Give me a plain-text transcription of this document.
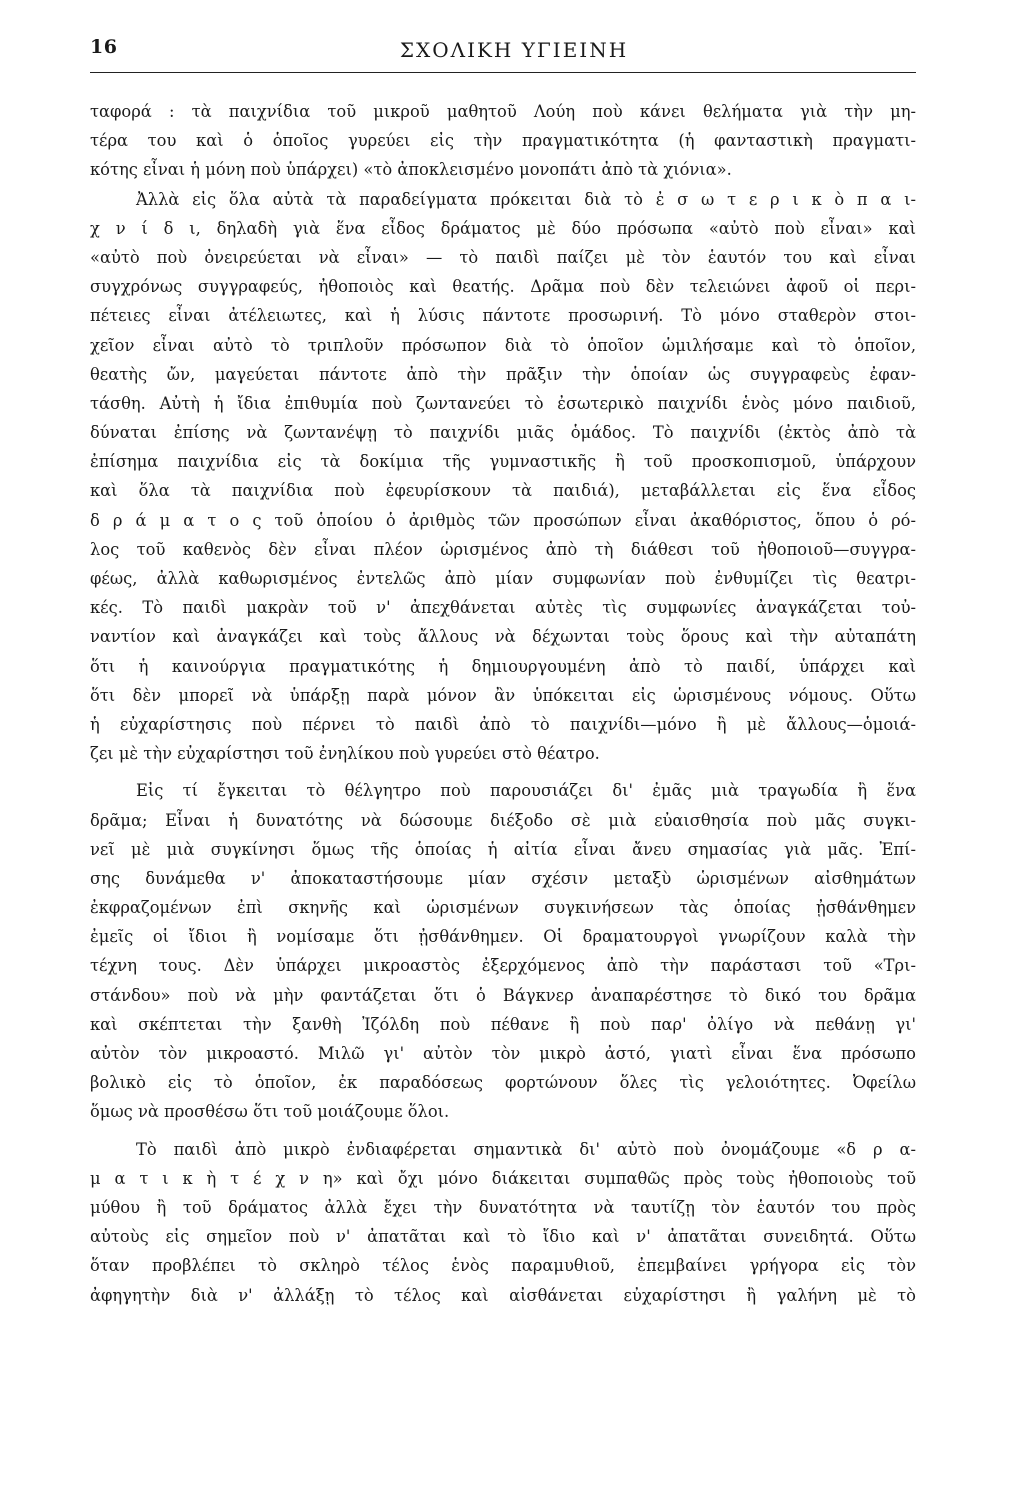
16	ΣΧΟΛΙΚΗ ΥΓΙΕΙΝΗ
ταφορά : τὰ παιχνίδια τοῦ μικροῦ μαθητοῦ Λούη ποὺ κάνει θελήματα γιὰ τὴν μη-
τέρα του καὶ ὁ ὁποῖος γυρεύει εἰς τὴν πραγματικότητα (ἡ φανταστικὴ πραγματι-
κότης εἶναι ἡ μόνη ποὺ ὑπάρχει) «τὸ ἀποκλεισμένο μονοπάτι ἀπὸ τὰ χιόνια».
Ἀλλὰ εἰς ὅλα αὐτὰ τὰ παραδείγματα πρόκειται διὰ τὸ ἐ σ ω τ ε ρ ι κ ὸ π α ι-
χ ν ί δ ι, δηλαδὴ γιὰ ἕνα εἶδος δράματος μὲ δύο πρόσωπα «αὐτὸ ποὺ εἶναι» καὶ
«αὐτὸ ποὺ ὀνειρεύεται νὰ εἶναι» — τὸ παιδὶ παίζει μὲ τὸν ἑαυτόν του καὶ εἶναι
συγχρόνως συγγραφεύς, ἠθοποιὸς καὶ θεατής. Δρᾶμα ποὺ δὲν τελειώνει ἀφοῦ οἱ περι-
πέτειες εἶναι ἀτέλειωτες, καὶ ἡ λύσις πάντοτε προσωρινή. Τὸ μόνο σταθερὸν στοι-
χεῖον εἶναι αὐτὸ τὸ τριπλοῦν πρόσωπον διὰ τὸ ὁποῖον ὡμιλήσαμε καὶ τὸ ὁποῖον,
θεατὴς ὤν, μαγεύεται πάντοτε ἀπὸ τὴν πρᾶξιν τὴν ὁποίαν ὡς συγγραφεὺς ἐφαν-
τάσθη. Αὐτὴ ἡ ἴδια ἐπιθυμία ποὺ ζωντανεύει τὸ ἐσωτερικὸ παιχνίδι ἑνὸς μόνο παιδιοῦ,
δύναται ἐπίσης νὰ ζωντανέψῃ τὸ παιχνίδι μιᾶς ὁμάδος. Τὸ παιχνίδι (ἐκτὸς ἀπὸ τὰ
ἐπίσημα παιχνίδια εἰς τὰ δοκίμια τῆς γυμναστικῆς ἢ τοῦ προσκοπισμοῦ, ὑπάρχουν
καὶ ὅλα τὰ παιχνίδια ποὺ ἐφευρίσκουν τὰ παιδιά), μεταβάλλεται εἰς ἕνα εἶδος
δ ρ ά μ α τ ο ς τοῦ ὁποίου ὁ ἀριθμὸς τῶν προσώπων εἶναι ἀκαθόριστος, ὅπου ὁ ρό-
λος τοῦ καθενὸς δὲν εἶναι πλέον ὡρισμένος ἀπὸ τὴ διάθεσι τοῦ ἠθοποιοῦ—συγγρα-
φέως, ἀλλὰ καθωρισμένος ἐντελῶς ἀπὸ μίαν συμφωνίαν ποὺ ἐνθυμίζει τὶς θεατρι-
κές. Τὸ παιδὶ μακρὰν τοῦ ν' ἀπεχθάνεται αὐτὲς τὶς συμφωνίες ἀναγκάζεται τοὐ-
ναντίον καὶ ἀναγκάζει καὶ τοὺς ἄλλους νὰ δέχωνται τοὺς ὅρους καὶ τὴν αὐταπάτη
ὅτι ἡ καινούργια πραγματικότης ἡ δημιουργουμένη ἀπὸ τὸ παιδί, ὑπάρχει καὶ
ὅτι δὲν μπορεῖ νὰ ὑπάρξῃ παρὰ μόνον ἂν ὑπόκειται εἰς ὡρισμένους νόμους. Οὕτω
ἡ εὐχαρίστησις ποὺ πέρνει τὸ παιδὶ ἀπὸ τὸ παιχνίδι—μόνο ἢ μὲ ἄλλους—ὁμοιά-
ζει μὲ τὴν εὐχαρίστησι τοῦ ἐνηλίκου ποὺ γυρεύει στὸ θέατρο.
Εἰς τί ἔγκειται τὸ θέλγητρο ποὺ παρουσιάζει δι' ἐμᾶς μιὰ τραγωδία ἢ ἕνα
δρᾶμα; Εἶναι ἡ δυνατότης νὰ δώσουμε διέξοδο σὲ μιὰ εὐαισθησία ποὺ μᾶς συγκι-
νεῖ μὲ μιὰ συγκίνησι ὅμως τῆς ὁποίας ἡ αἰτία εἶναι ἄνευ σημασίας γιὰ μᾶς. Ἐπί-
σης δυνάμεθα ν' ἀποκαταστήσουμε μίαν σχέσιν μεταξὺ ὡρισμένων αἰσθημάτων
ἐκφραζομένων ἐπὶ σκηνῆς καὶ ὡρισμένων συγκινήσεων τὰς ὁποίας ᾐσθάνθημεν
ἐμεῖς οἱ ἴδιοι ἢ νομίσαμε ὅτι ᾐσθάνθημεν. Οἱ δραματουργοὶ γνωρίζουν καλὰ τὴν
τέχνη τους. Δὲν ὑπάρχει μικροαστὸς ἐξερχόμενος ἀπὸ τὴν παράστασι τοῦ «Τρι-
στάνδου» ποὺ νὰ μὴν φαντάζεται ὅτι ὁ Βάγκνερ ἀναπαρέστησε τὸ δικό του δρᾶμα
καὶ σκέπτεται τὴν ξανθὴ Ἰζόλδη ποὺ πέθανε ἢ ποὺ παρ' ὀλίγο νὰ πεθάνῃ γι'
αὐτὸν τὸν μικροαστό. Μιλῶ γι' αὐτὸν τὸν μικρὸ ἀστό, γιατὶ εἶναι ἕνα πρόσωπο
βολικὸ εἰς τὸ ὁποῖον, ἐκ παραδόσεως φορτώνουν ὅλες τὶς γελοιότητες. Ὀφείλω
ὅμως νὰ προσθέσω ὅτι τοῦ μοιάζουμε ὅλοι.
Τὸ παιδὶ ἀπὸ μικρὸ ἐνδιαφέρεται σημαντικὰ δι' αὐτὸ ποὺ ὀνομάζουμε «δ ρ α-
μ α τ ι κ ὴ τ έ χ ν η» καὶ ὄχι μόνο διάκειται συμπαθῶς πρὸς τοὺς ἠθοποιοὺς τοῦ
μύθου ἢ τοῦ δράματος ἀλλὰ ἔχει τὴν δυνατότητα νὰ ταυτίζῃ τὸν ἑαυτόν του πρὸς
αὐτοὺς εἰς σημεῖον ποὺ ν' ἀπατᾶται καὶ τὸ ἴδιο καὶ ν' ἀπατᾶται συνειδητά. Οὕτω
ὅταν προβλέπει τὸ σκληρὸ τέλος ἑνὸς παραμυθιοῦ, ἐπεμβαίνει γρήγορα εἰς τὸν
ἀφηγητὴν διὰ ν' ἀλλάξῃ τὸ τέλος καὶ αἰσθάνεται εὐχαρίστησι ἢ γαλήνη μὲ τὸ
